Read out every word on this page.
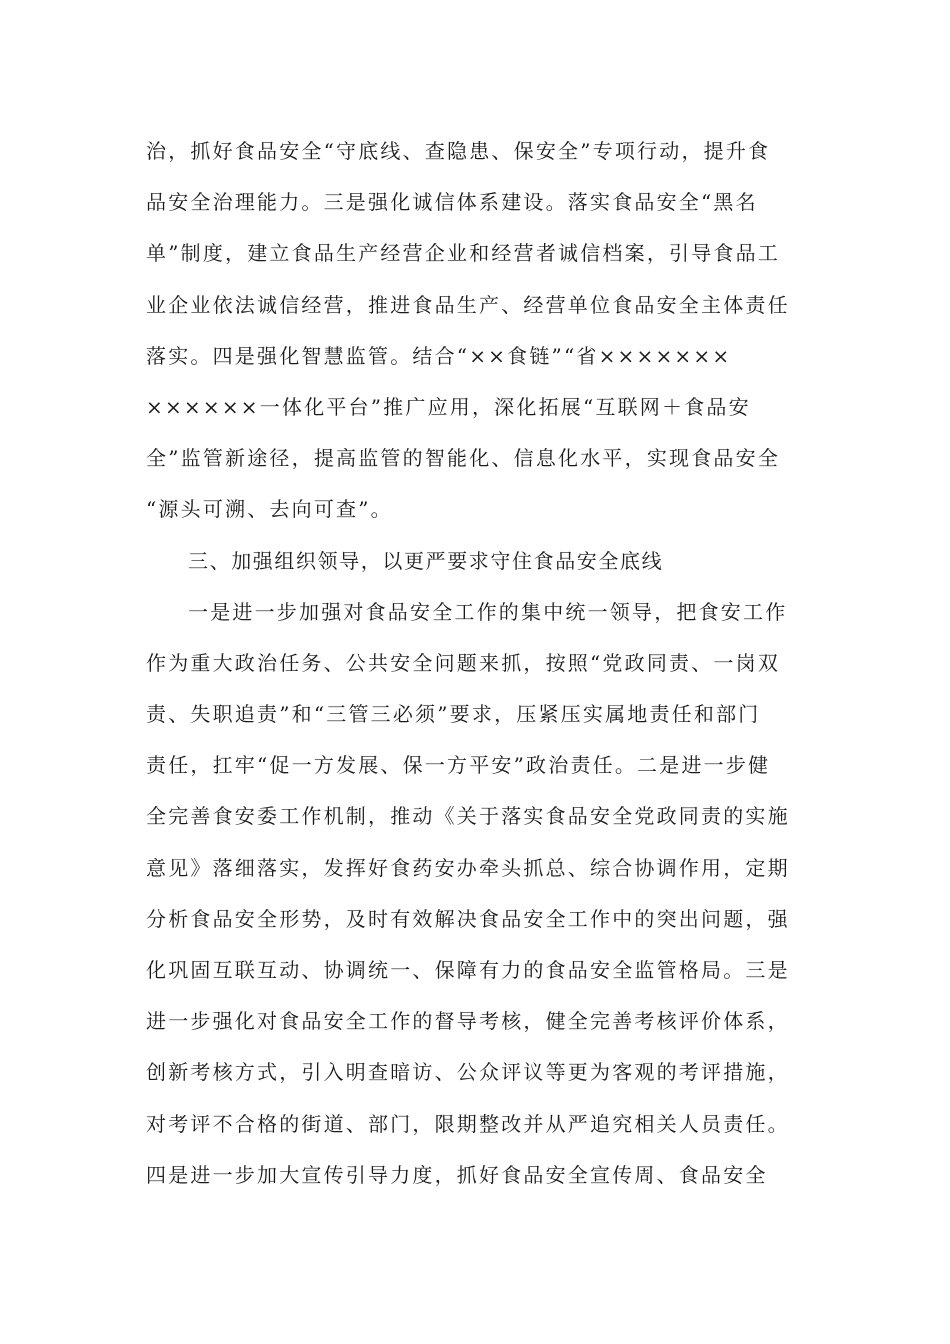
治，抓好食品安全“守底线、查隐患、保安全”专项行动，提升食
品安全治理能力。三是强化诚信体系建设。落实食品安全“黑名
单”制度，建立食品生产经营企业和经营者诚信档案，引导食品工
业企业依法诚信经营，推进食品生产、经营单位食品安全主体责任
落实。四是强化智慧监管。结合“××食链”“省×××××××
××××××一体化平台”推广应用，深化拓展“互联网＋食品安
全”监管新途径，提高监管的智能化、信息化水平，实现食品安全
“源头可溯、去向可查”。
三、加强组织领导，以更严要求守住食品安全底线
一是进一步加强对食品安全工作的集中统一领导，把食安工作
作为重大政治任务、公共安全问题来抓，按照“党政同责、一岗双
责、失职追责”和“三管三必须”要求，压紧压实属地责任和部门
责任，扛牢“促一方发展、保一方平安”政治责任。二是进一步健
全完善食安委工作机制，推动《关于落实食品安全党政同责的实施
意见》落细落实，发挥好食药安办牵头抓总、综合协调作用，定期
分析食品安全形势，及时有效解决食品安全工作中的突出问题，强
化巩固互联互动、协调统一、保障有力的食品安全监管格局。三是
进一步强化对食品安全工作的督导考核，健全完善考核评价体系，
创新考核方式，引入明查暗访、公众评议等更为客观的考评措施，
对考评不合格的街道、部门，限期整改并从严追究相关人员责任。
四是进一步加大宣传引导力度，抓好食品安全宣传周、食品安全
